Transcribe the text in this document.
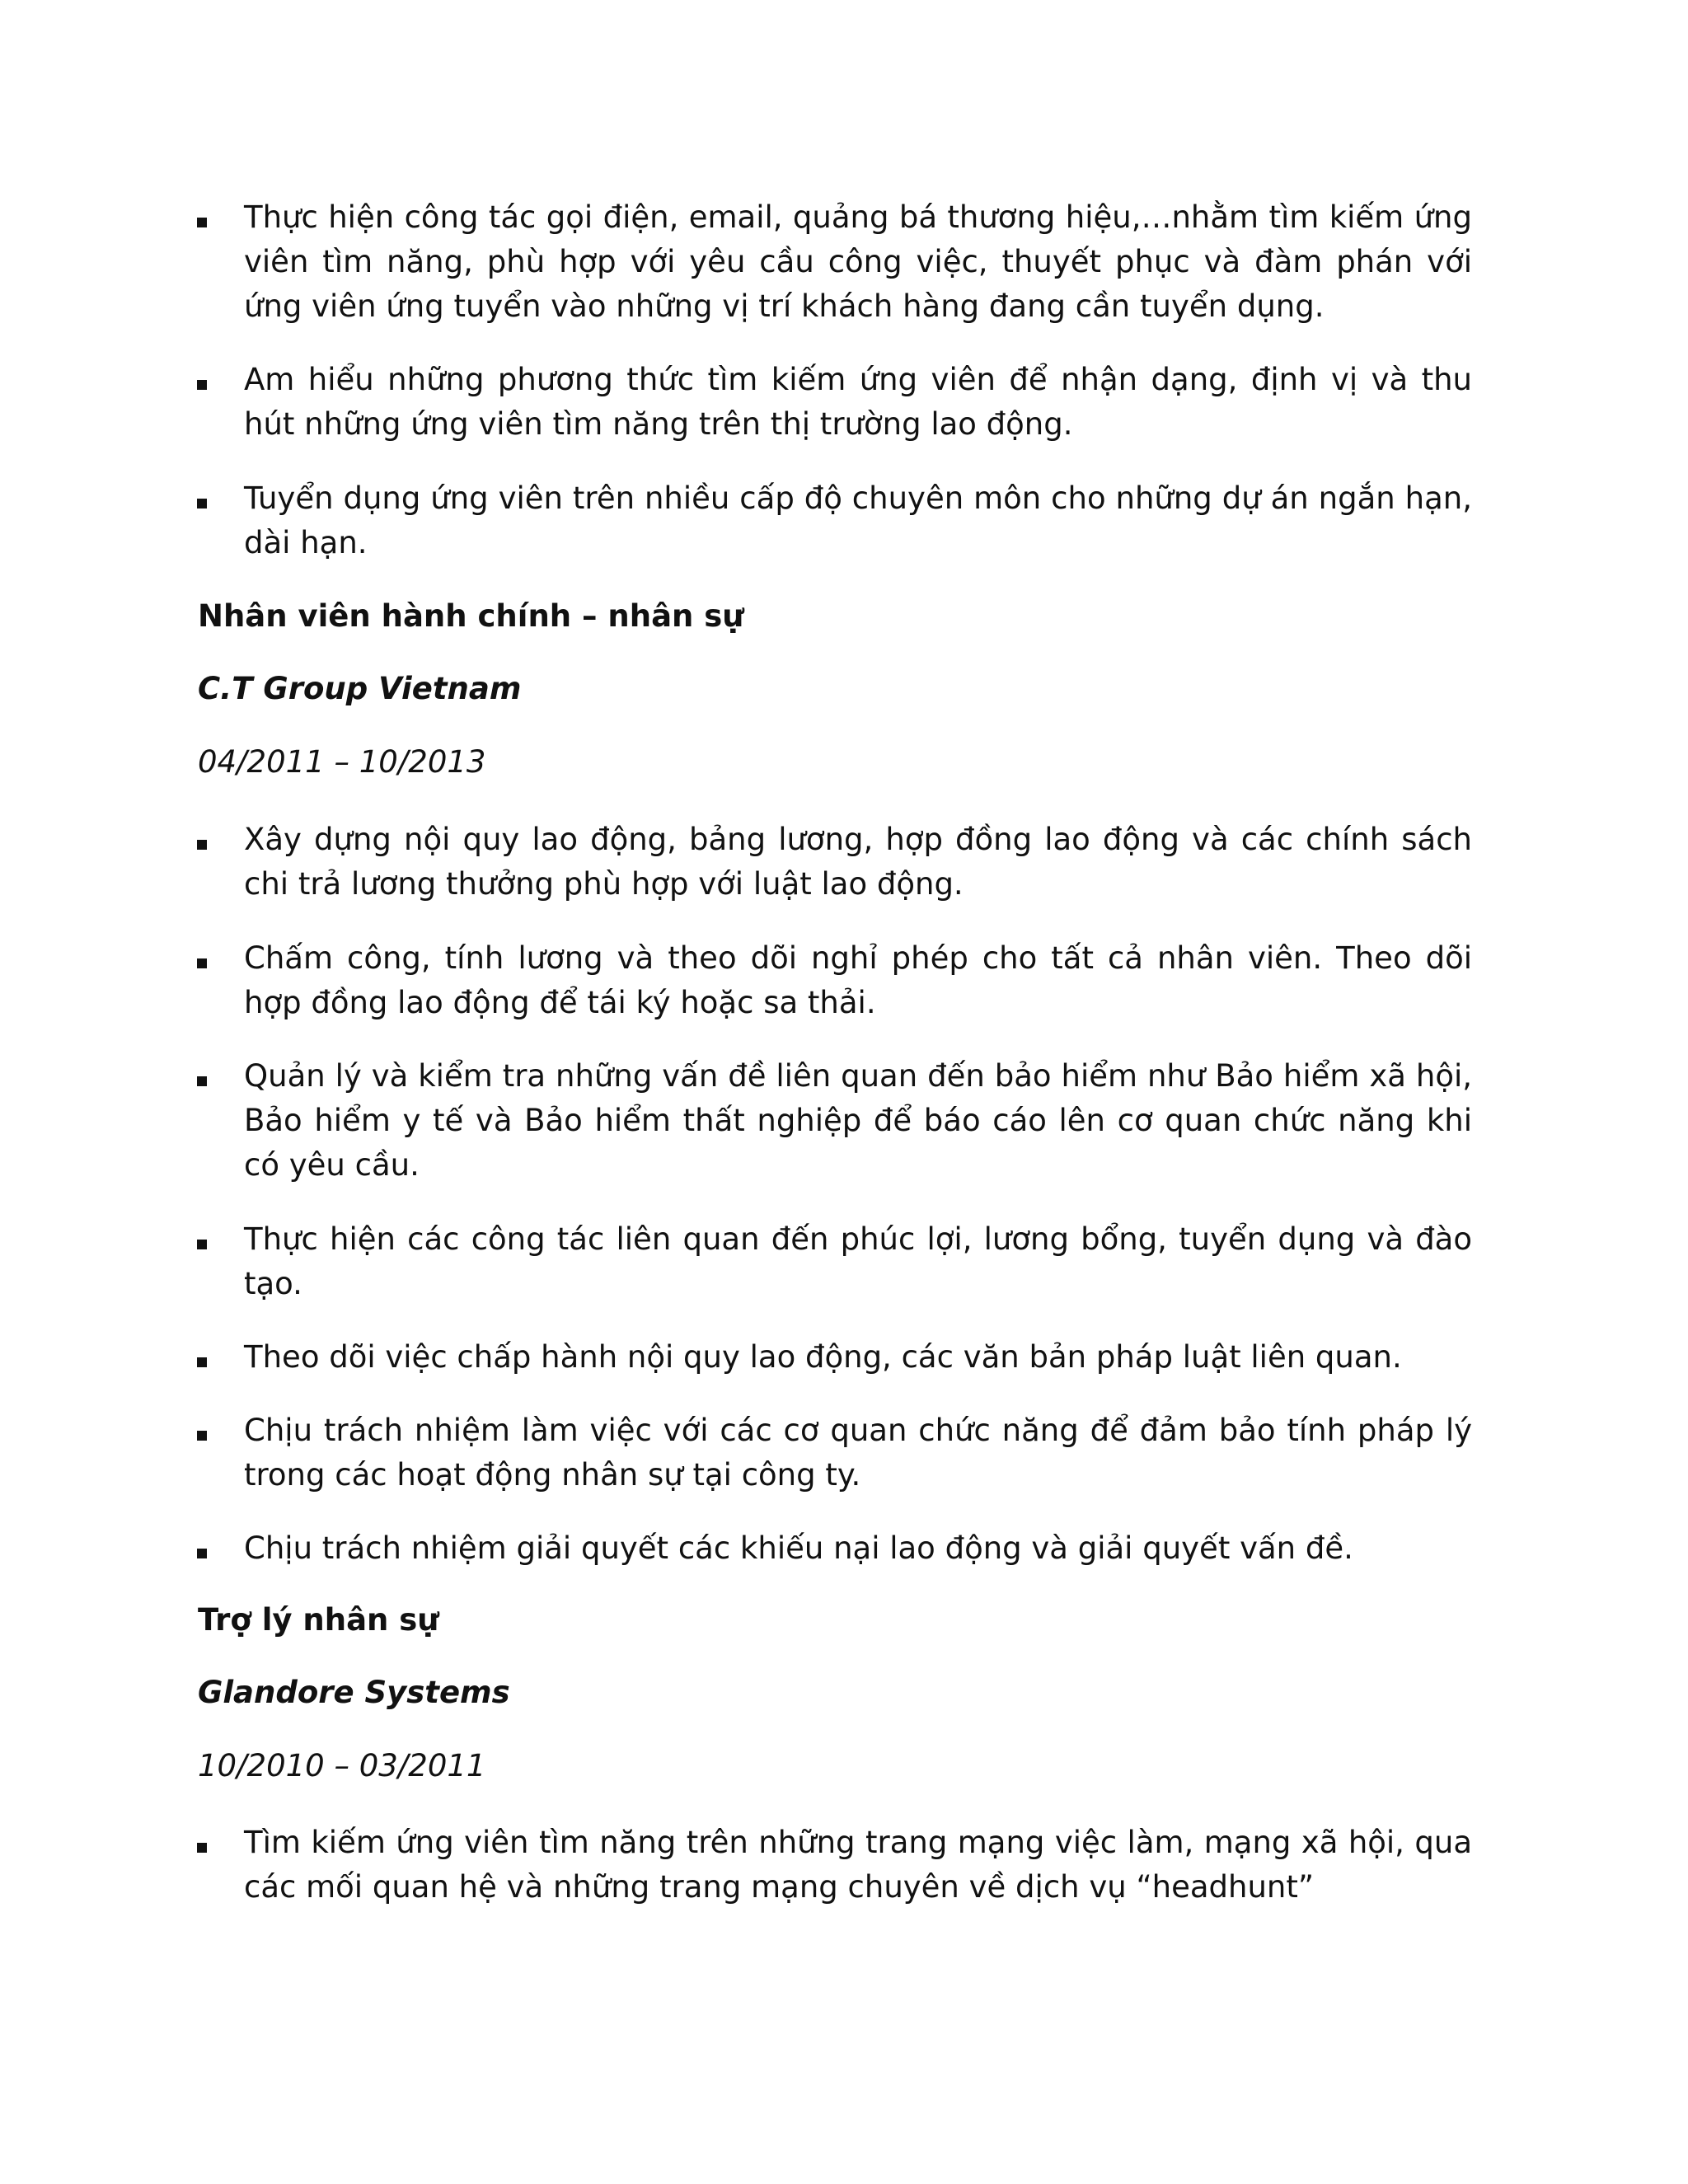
Thực hiện công tác gọi điện, email, quảng bá thương hiệu,…nhằm tìm kiếm ứng viên tìm năng, phù hợp với yêu cầu công việc, thuyết phục và đàm phán với ứng viên ứng tuyển vào những vị trí khách hàng đang cần tuyển dụng.
Am hiểu những phương thức tìm kiếm ứng viên để nhận dạng, định vị và thu hút những ứng viên tìm năng trên thị trường lao động.
Tuyển dụng ứng viên trên nhiều cấp độ chuyên môn cho những dự án ngắn hạn, dài hạn.
Nhân viên hành chính – nhân sự
C.T Group Vietnam
04/2011 – 10/2013
Xây dựng nội quy lao động, bảng lương, hợp đồng lao động và các chính sách chi trả lương thưởng phù hợp với luật lao động.
Chấm công, tính lương và theo dõi nghỉ phép cho tất cả nhân viên. Theo dõi hợp đồng lao động để tái ký hoặc sa thải.
Quản lý và kiểm tra những vấn đề liên quan đến bảo hiểm như Bảo hiểm xã hội, Bảo hiểm y tế và Bảo hiểm thất nghiệp để báo cáo lên cơ quan chức năng khi có yêu cầu.
Thực hiện các công tác liên quan đến phúc lợi, lương bổng, tuyển dụng và đào tạo.
Theo dõi việc chấp hành nội quy lao động, các văn bản pháp luật liên quan.
Chịu trách nhiệm làm việc với các cơ quan chức năng để đảm bảo tính pháp lý trong các hoạt động nhân sự tại công ty.
Chịu trách nhiệm giải quyết các khiếu nại lao động và giải quyết vấn đề.
Trợ lý nhân sự
Glandore Systems
10/2010 – 03/2011
Tìm kiếm ứng viên tìm năng trên những trang mạng việc làm, mạng xã hội, qua các mối quan hệ và những trang mạng chuyên về dịch vụ “headhunt”
